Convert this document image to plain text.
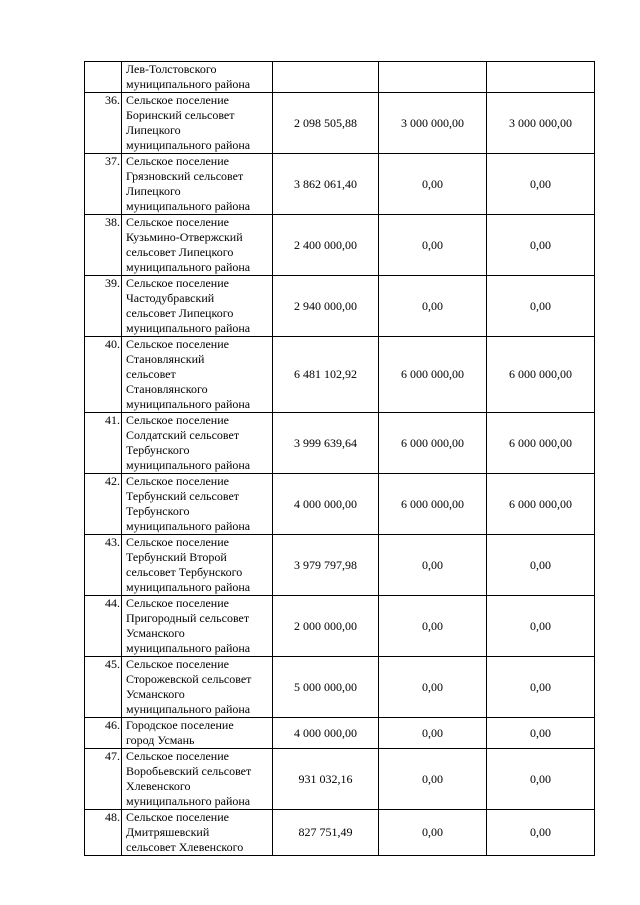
	Лев-Толстовского
муниципального района			
36.	Сельское поселение
Боринский сельсовет
Липецкого
муниципального района	2 098 505,88	3 000 000,00	3 000 000,00
37.	Сельское поселение
Грязновский сельсовет
Липецкого
муниципального района	3 862 061,40	0,00	0,00
38.	Сельское поселение
Кузьмино-Отвержский
сельсовет Липецкого
муниципального района	2 400 000,00	0,00	0,00
39.	Сельское поселение
Частодубравский
сельсовет Липецкого
муниципального района	2 940 000,00	0,00	0,00
40.	Сельское поселение
Становлянский
сельсовет
Становлянского
муниципального района	6 481 102,92	6 000 000,00	6 000 000,00
41.	Сельское поселение
Солдатский сельсовет
Тербунского
муниципального района	3 999 639,64	6 000 000,00	6 000 000,00
42.	Сельское поселение
Тербунский сельсовет
Тербунского
муниципального района	4 000 000,00	6 000 000,00	6 000 000,00
43.	Сельское поселение
Тербунский Второй
сельсовет Тербунского
муниципального района	3 979 797,98	0,00	0,00
44.	Сельское поселение
Пригородный сельсовет
Усманского
муниципального района	2 000 000,00	0,00	0,00
45.	Сельское поселение
Сторожевской сельсовет
Усманского
муниципального района	5 000 000,00	0,00	0,00
46.	Городское поселение
город Усмань	4 000 000,00	0,00	0,00
47.	Сельское поселение
Воробьевский сельсовет
Хлевенского
муниципального района	931 032,16	0,00	0,00
48.	Сельское поселение
Дмитряшевский
сельсовет Хлевенского	827 751,49	0,00	0,00
